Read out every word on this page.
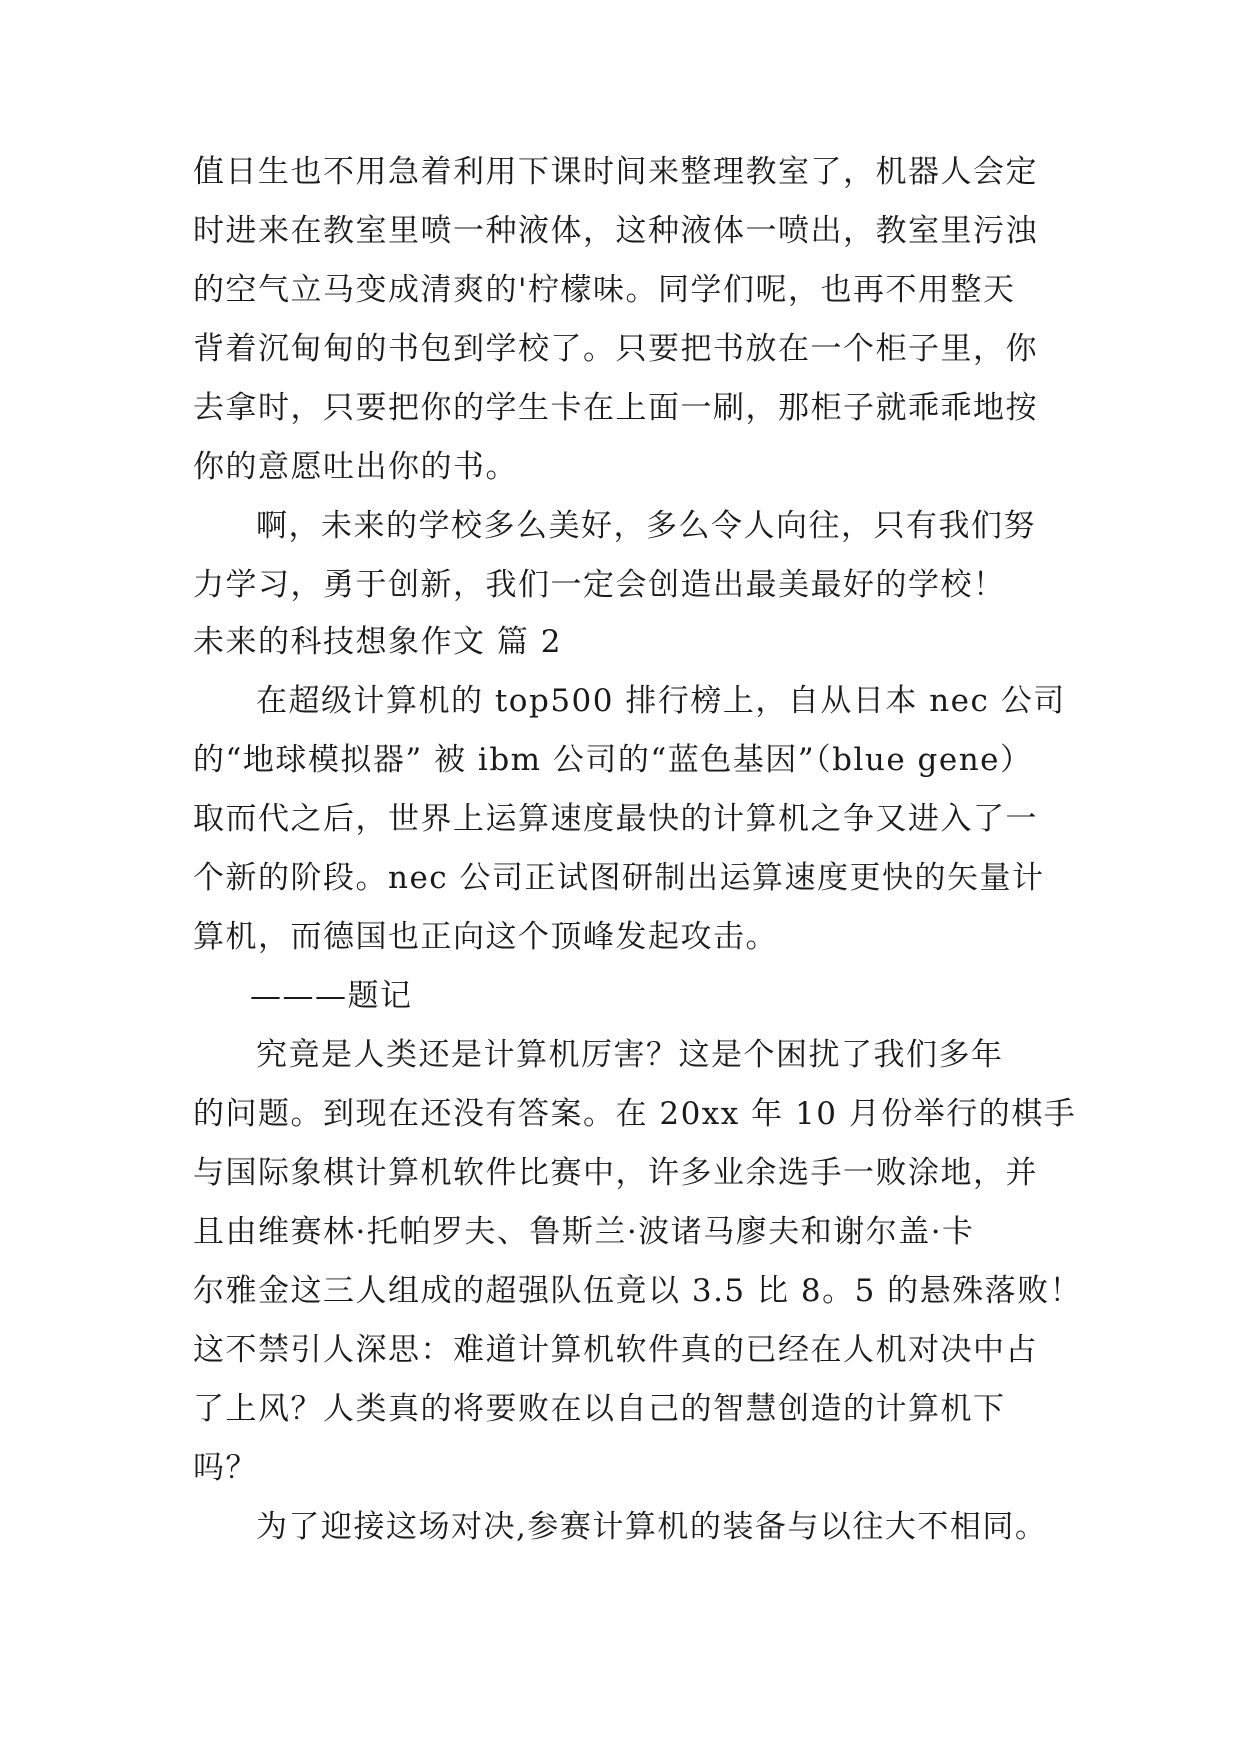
值日生也不用急着利用下课时间来整理教室了，机器人会定
时进来在教室里喷一种液体，这种液体一喷出，教室里污浊
的空气立马变成清爽的'柠檬味。同学们呢，也再不用整天
背着沉甸甸的书包到学校了。只要把书放在一个柜子里，你
去拿时，只要把你的学生卡在上面一刷，那柜子就乖乖地按
你的意愿吐出你的书。
啊，未来的学校多么美好，多么令人向往，只有我们努
力学习，勇于创新，我们一定会创造出最美最好的学校！
未来的科技想象作文 篇 2
在超级计算机的 top500 排行榜上，自从日本 nec 公司
的“地球模拟器” 被 ibm 公司的“蓝色基因”（blue gene）
取而代之后，世界上运算速度最快的计算机之争又进入了一
个新的阶段。nec 公司正试图研制出运算速度更快的矢量计
算机，而德国也正向这个顶峰发起攻击。
———题记
究竟是人类还是计算机厉害？这是个困扰了我们多年
的问题。到现在还没有答案。在 20xx 年 10 月份举行的棋手
与国际象棋计算机软件比赛中，许多业余选手一败涂地，并
且由维赛林·托帕罗夫、鲁斯兰·波诸马廖夫和谢尔盖·卡
尔雅金这三人组成的超强队伍竟以 3.5 比 8。5 的悬殊落败！
这不禁引人深思：难道计算机软件真的已经在人机对决中占
了上风？人类真的将要败在以自己的智慧创造的计算机下
吗？
为了迎接这场对决,参赛计算机的装备与以往大不相同。
